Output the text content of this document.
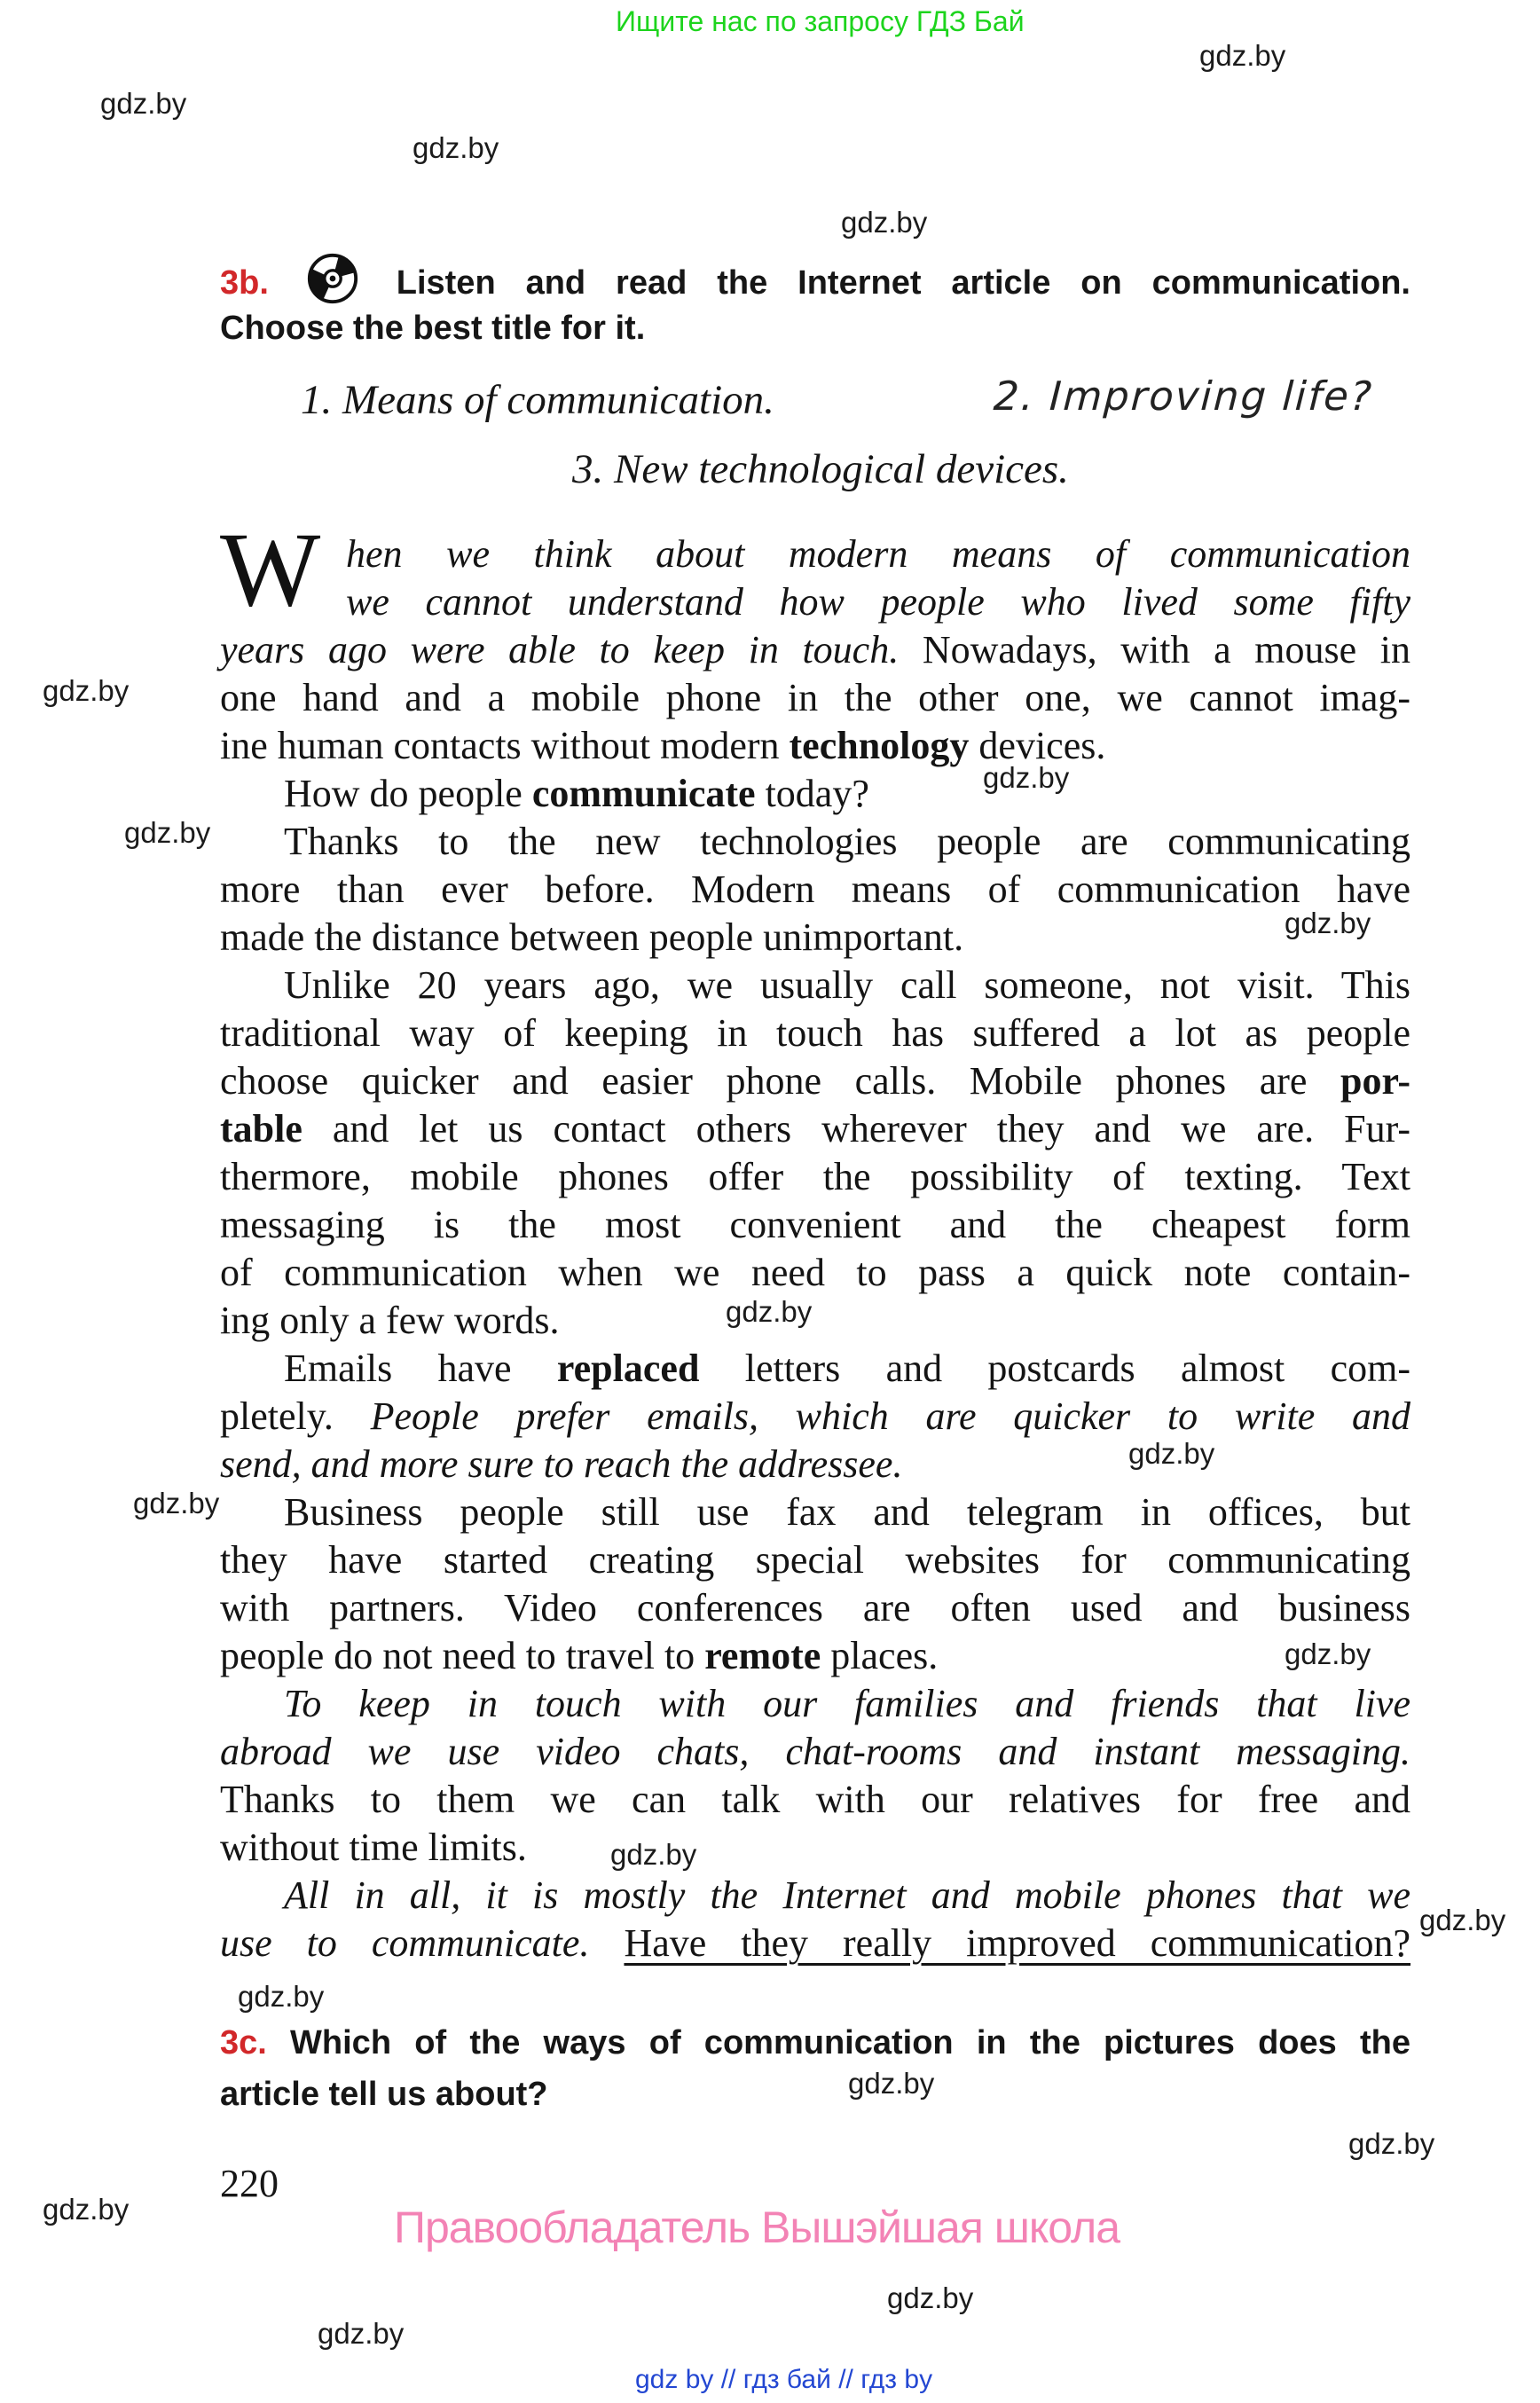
Ищите нас по запросу ГДЗ Бай
gdz.by
gdz.by
gdz.by
gdz.by
gdz.by
gdz.by
gdz.by
gdz.by
gdz.by
gdz.by
gdz.by
gdz.by
gdz.by
gdz.by
gdz.by
gdz.by
gdz.by
gdz.by
gdz.by
gdz.by
3b.	Listen and read the Internet article on communication.
Choose the best title for it.
1. Means of communication.	2. Improving life?
3. New technological devices.
W hen we think about modern means of communication
we cannot understand how people who lived some fifty
years ago were able to keep in touch. Nowadays, with a mouse in
one hand and a mobile phone in the other one, we cannot imag-
ine human contacts without modern technology devices.
How do people communicate today?
Thanks to the new technologies people are communicating
more than ever before. Modern means of communication have
made the distance between people unimportant.
Unlike 20 years ago, we usually call someone, not visit. This
traditional way of keeping in touch has suffered a lot as people
choose quicker and easier phone calls. Mobile phones are por-
table and let us contact others wherever they and we are. Fur-
thermore, mobile phones offer the possibility of texting. Text
messaging is the most convenient and the cheapest form
of communication when we need to pass a quick note contain-
ing only a few words.
Emails have replaced letters and postcards almost com-
pletely. People prefer emails, which are quicker to write and
send, and more sure to reach the addressee.
Business people still use fax and telegram in offices, but
they have started creating special websites for communicating
with partners. Video conferences are often used and business
people do not need to travel to remote places.
To keep in touch with our families and friends that live
abroad we use video chats, chat-rooms and instant messaging.
Thanks to them we can talk with our relatives for free and
without time limits.
All in all, it is mostly the Internet and mobile phones that we
use to communicate. Have they really improved communication?
3c. Which of the ways of communication in the pictures does the
article tell us about?
220
Правообладатель Вышэйшая школа
gdz by // гдз бай // гдз by
